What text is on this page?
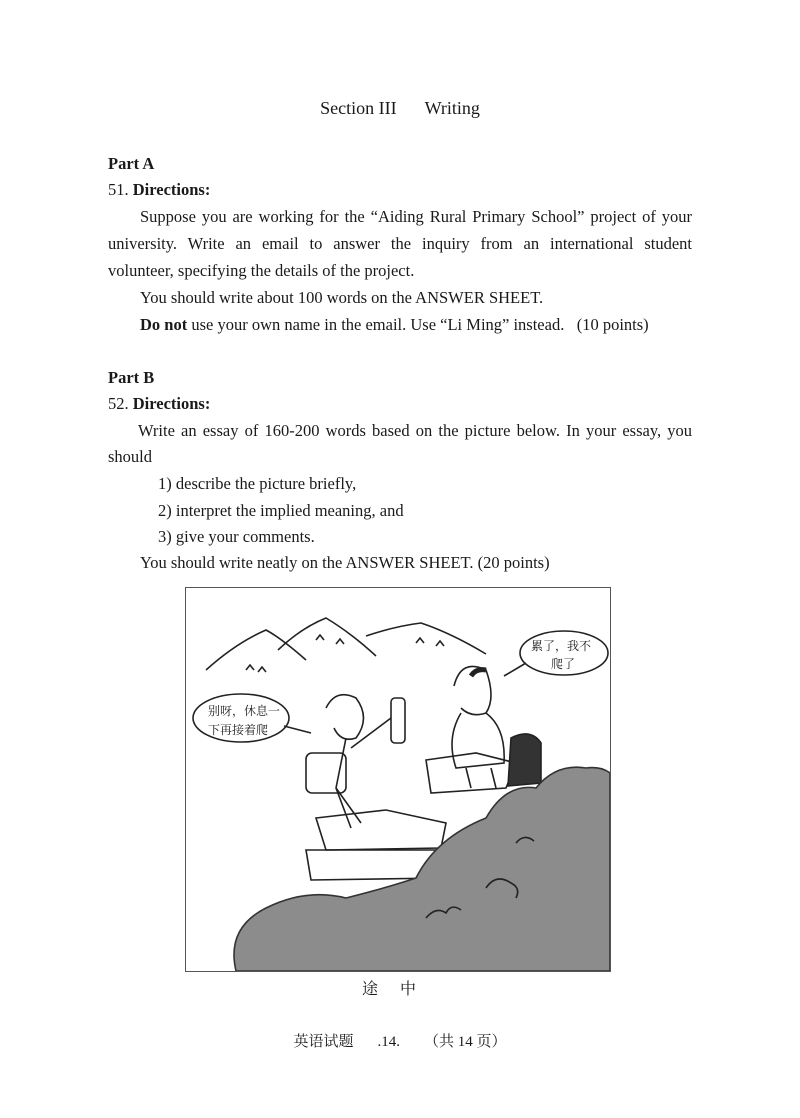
Section III Writing
Part A
51. Directions:
Suppose you are working for the “Aiding Rural Primary School” project of your
university. Write an email to answer the inquiry from an international student
volunteer, specifying the details of the project.
You should write about 100 words on the ANSWER SHEET.
Do not use your own name in the email. Use “Li Ming” instead. (10 points)
Part B
52. Directions:
Write an essay of 160-200 words based on the picture below. In your essay, you
should
1) describe the picture briefly,
2) interpret the implied meaning, and
3) give your comments.
You should write neatly on the ANSWER SHEET. (20 points)
别呀，休息一
下再接着爬
累了，我不
爬了
途中
英语试题 .14. （共 14 页）
